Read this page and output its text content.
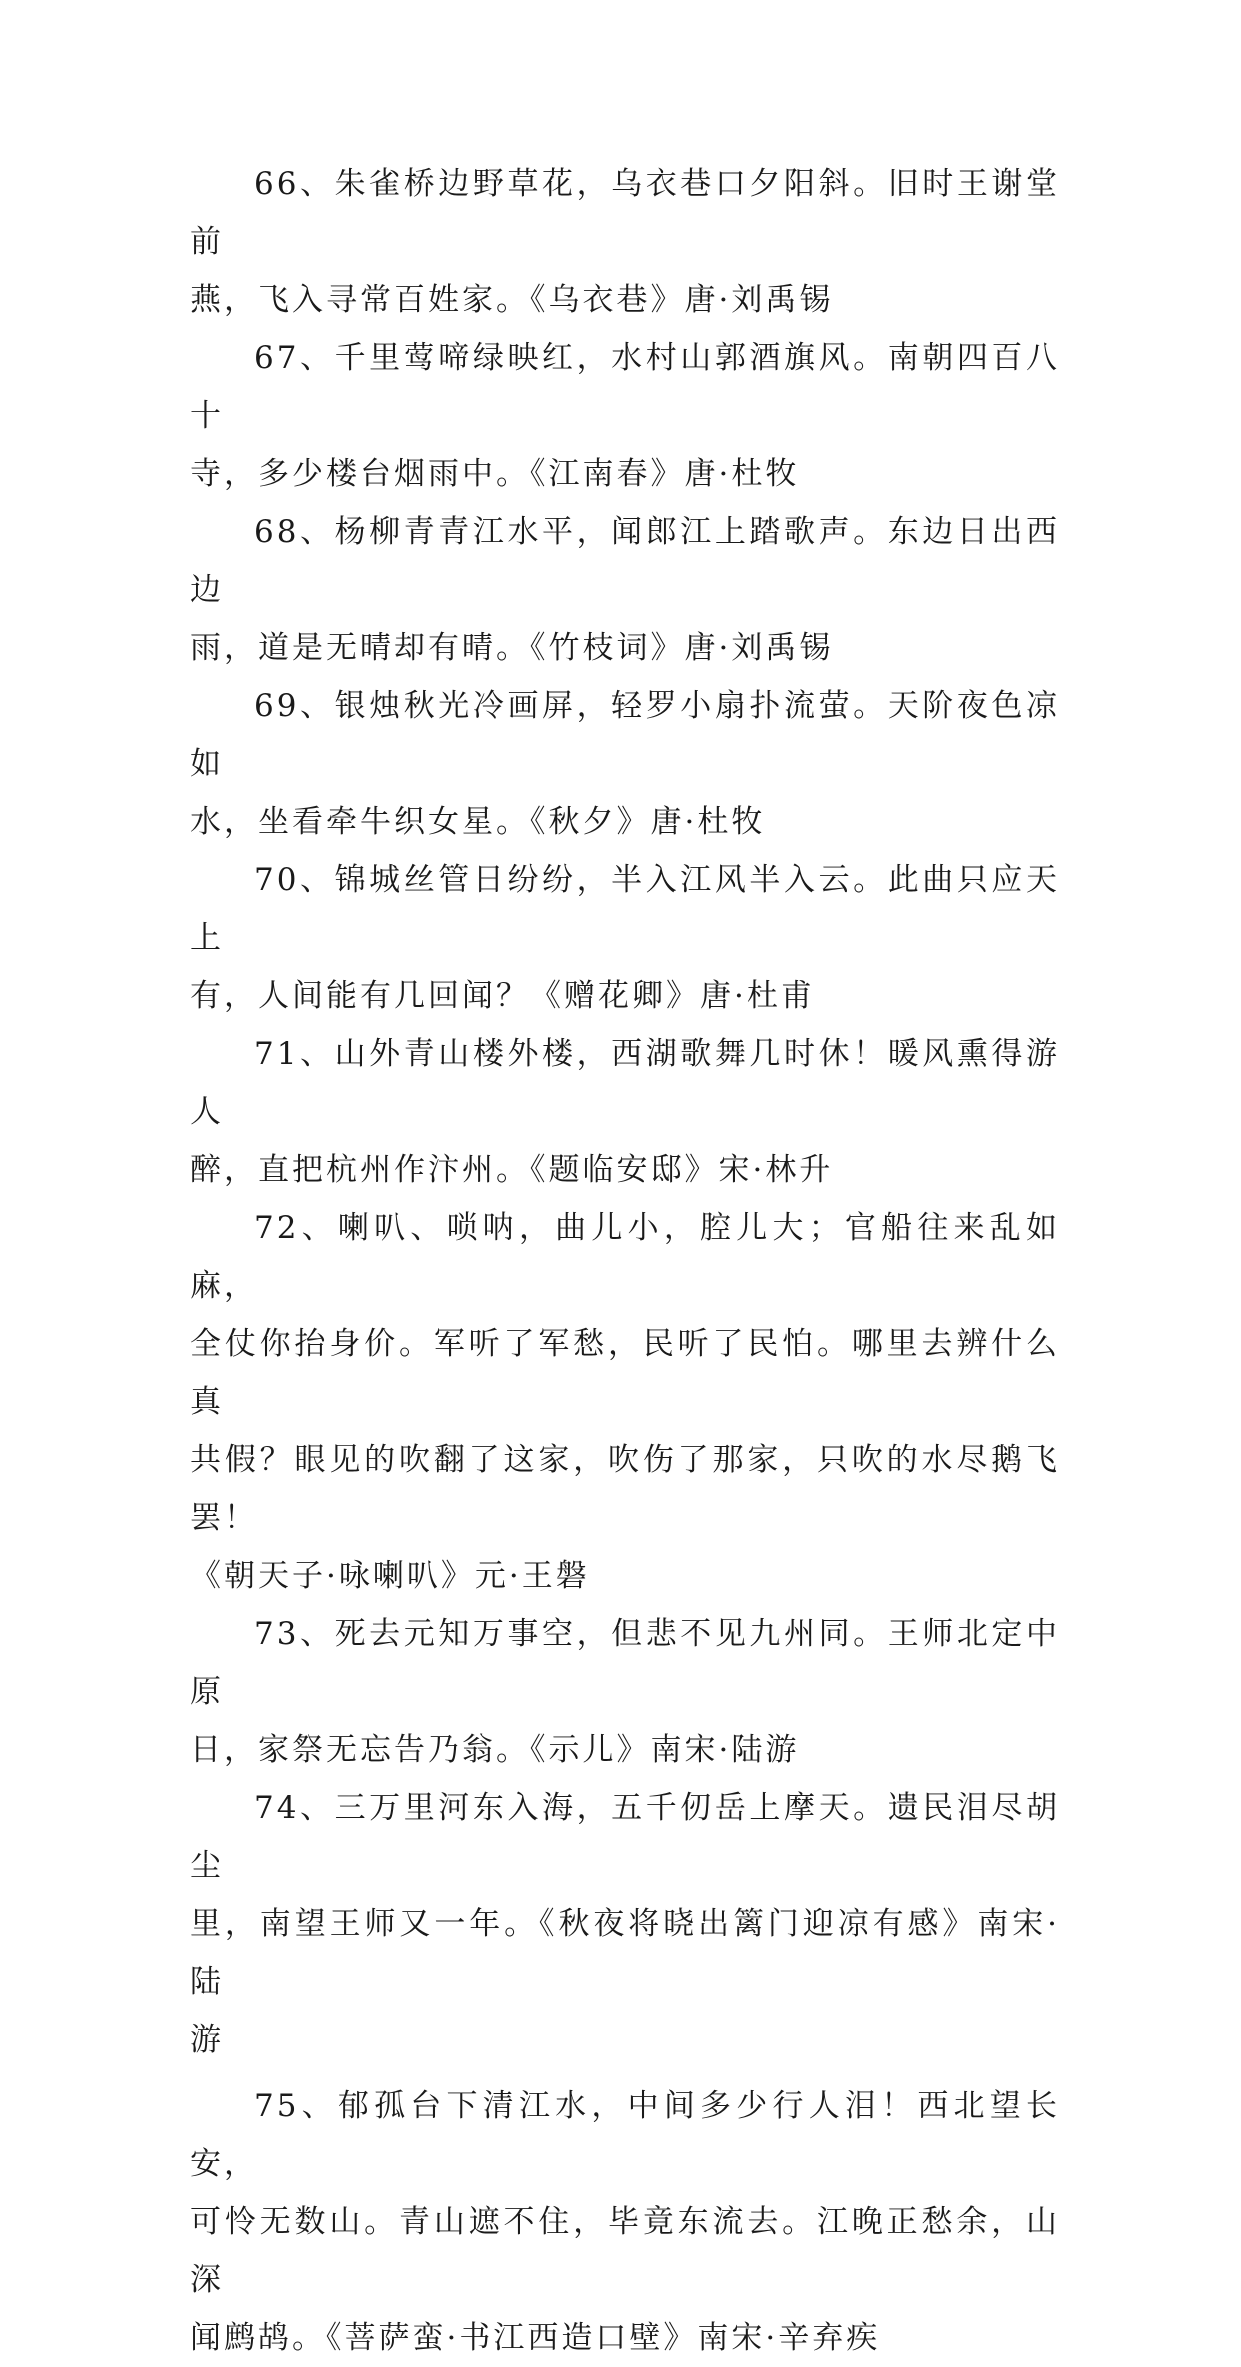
66、朱雀桥边野草花，乌衣巷口夕阳斜。旧时王谢堂前
燕，飞入寻常百姓家。《乌衣巷》唐·刘禹锡
67、千里莺啼绿映红，水村山郭酒旗风。南朝四百八十
寺，多少楼台烟雨中。《江南春》唐·杜牧
68、杨柳青青江水平，闻郎江上踏歌声。东边日出西边
雨，道是无晴却有晴。《竹枝词》唐·刘禹锡
69、银烛秋光冷画屏，轻罗小扇扑流萤。天阶夜色凉如
水，坐看牵牛织女星。《秋夕》唐·杜牧
70、锦城丝管日纷纷，半入江风半入云。此曲只应天上
有，人间能有几回闻？《赠花卿》唐·杜甫
71、山外青山楼外楼，西湖歌舞几时休！暖风熏得游人
醉，直把杭州作汴州。《题临安邸》宋·林升
72、喇叭、唢呐，曲儿小，腔儿大；官船往来乱如麻，
全仗你抬身价。军听了军愁，民听了民怕。哪里去辨什么真
共假？眼见的吹翻了这家，吹伤了那家，只吹的水尽鹅飞罢！
《朝天子·咏喇叭》元·王磐
73、死去元知万事空，但悲不见九州同。王师北定中原
日，家祭无忘告乃翁。《示儿》南宋·陆游
74、三万里河东入海，五千仞岳上摩天。遗民泪尽胡尘
里，南望王师又一年。《秋夜将晓出篱门迎凉有感》南宋·陆
游
75、郁孤台下清江水，中间多少行人泪！西北望长安，
可怜无数山。青山遮不住，毕竟东流去。江晚正愁余，山深
闻鹧鸪。《菩萨蛮·书江西造口壁》南宋·辛弃疾
